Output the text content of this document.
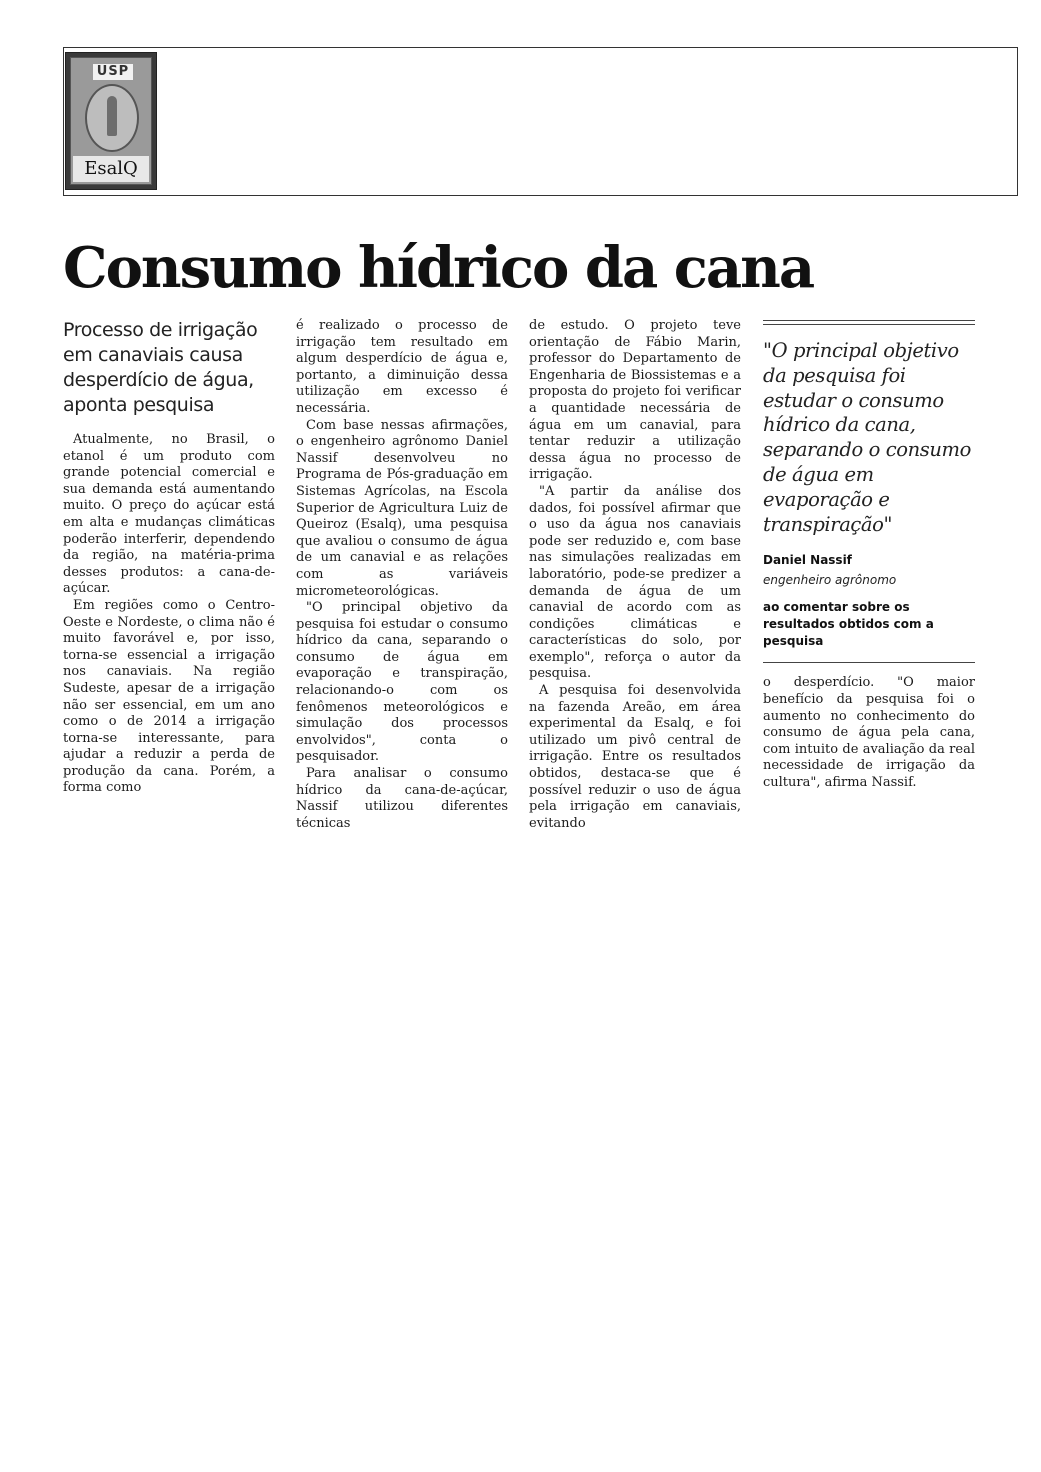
USP
EsalQ
Consumo hídrico da cana
Processo de irrigação em canaviais causa desperdício de água, aponta pesquisa

Atualmente, no Brasil, o etanol é um produto com grande potencial comercial e sua demanda está aumentando muito. O preço do açúcar está em alta e mudanças climáticas poderão interferir, dependendo da região, na matéria-prima desses produtos: a cana-de-açúcar.

Em regiões como o Centro-Oeste e Nordeste, o clima não é muito favorável e, por isso, torna-se essencial a irrigação nos canaviais. Na região Sudeste, apesar de a irrigação não ser essencial, em um ano como o de 2014 a irrigação torna-se interessante, para ajudar a reduzir a perda de produção da cana. Porém, a forma como

é realizado o processo de irrigação tem resultado em algum desperdício de água e, portanto, a diminuição dessa utilização em excesso é necessária.

Com base nessas afirmações, o engenheiro agrônomo Daniel Nassif desenvolveu no Programa de Pós-graduação em Sistemas Agrícolas, na Escola Superior de Agricultura Luiz de Queiroz (Esalq), uma pesquisa que avaliou o consumo de água de um canavial e as relações com as variáveis micrometeorológicas.

"O principal objetivo da pesquisa foi estudar o consumo hídrico da cana, separando o consumo de água em evaporação e transpiração, relacionando-o com os fenômenos meteorológicos e simulação dos processos envolvidos", conta o pesquisador.

Para analisar o consumo hídrico da cana-de-açúcar, Nassif utilizou diferentes técnicas

de estudo. O projeto teve orientação de Fábio Marin, professor do Departamento de Engenharia de Biossistemas e a proposta do projeto foi verificar a quantidade necessária de água em um canavial, para tentar reduzir a utilização dessa água no processo de irrigação.

"A partir da análise dos dados, foi possível afirmar que o uso da água nos canaviais pode ser reduzido e, com base nas simulações realizadas em laboratório, pode-se predizer a demanda de água de um canavial de acordo com as condições climáticas e características do solo, por exemplo", reforça o autor da pesquisa.

A pesquisa foi desenvolvida na fazenda Areão, em área experimental da Esalq, e foi utilizado um pivô central de irrigação. Entre os resultados obtidos, destaca-se que é possível reduzir o uso de água pela irrigação em canaviais, evitando

"O principal objetivo da pesquisa foi estudar o consumo hídrico da cana, separando o consumo de água em evaporação e transpiração"

Daniel Nassif

engenheiro agrônomo

ao comentar sobre os resultados obtidos com a pesquisa

o desperdício. "O maior benefício da pesquisa foi o aumento no conhecimento do consumo de água pela cana, com intuito de avaliação da real necessidade de irrigação da cultura", afirma Nassif.
